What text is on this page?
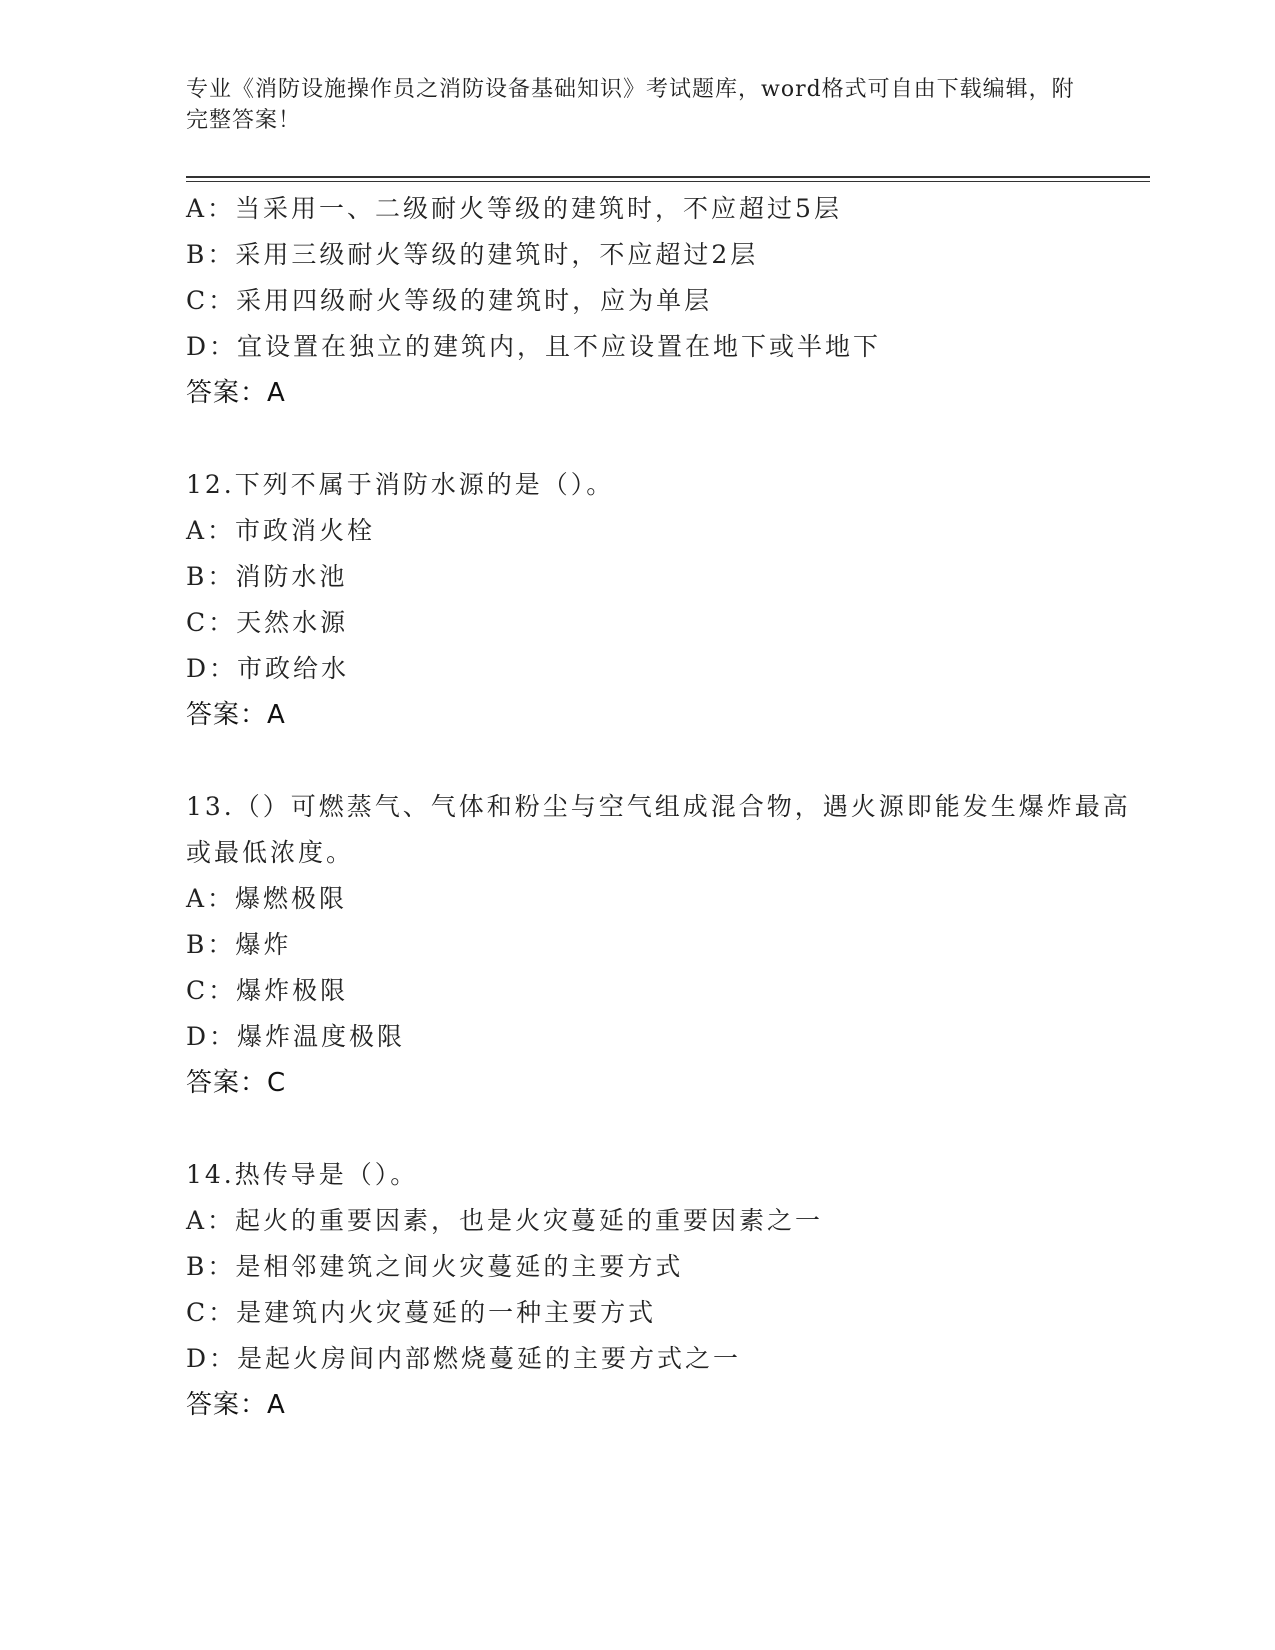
专业《消防设施操作员之消防设备基础知识》考试题库，word格式可自由下载编辑，附完整答案！
A：当采用一、二级耐火等级的建筑时，不应超过5层
B：采用三级耐火等级的建筑时，不应超过2层
C：采用四级耐火等级的建筑时，应为单层
D：宜设置在独立的建筑内，且不应设置在地下或半地下
答案：A
12.下列不属于消防水源的是（）。
A：市政消火栓
B：消防水池
C：天然水源
D：市政给水
答案：A
13.（）可燃蒸气、气体和粉尘与空气组成混合物，遇火源即能发生爆炸最高或最低浓度。
A：爆燃极限
B：爆炸
C：爆炸极限
D：爆炸温度极限
答案：C
14.热传导是（）。
A：起火的重要因素，也是火灾蔓延的重要因素之一
B：是相邻建筑之间火灾蔓延的主要方式
C：是建筑内火灾蔓延的一种主要方式
D：是起火房间内部燃烧蔓延的主要方式之一
答案：A
